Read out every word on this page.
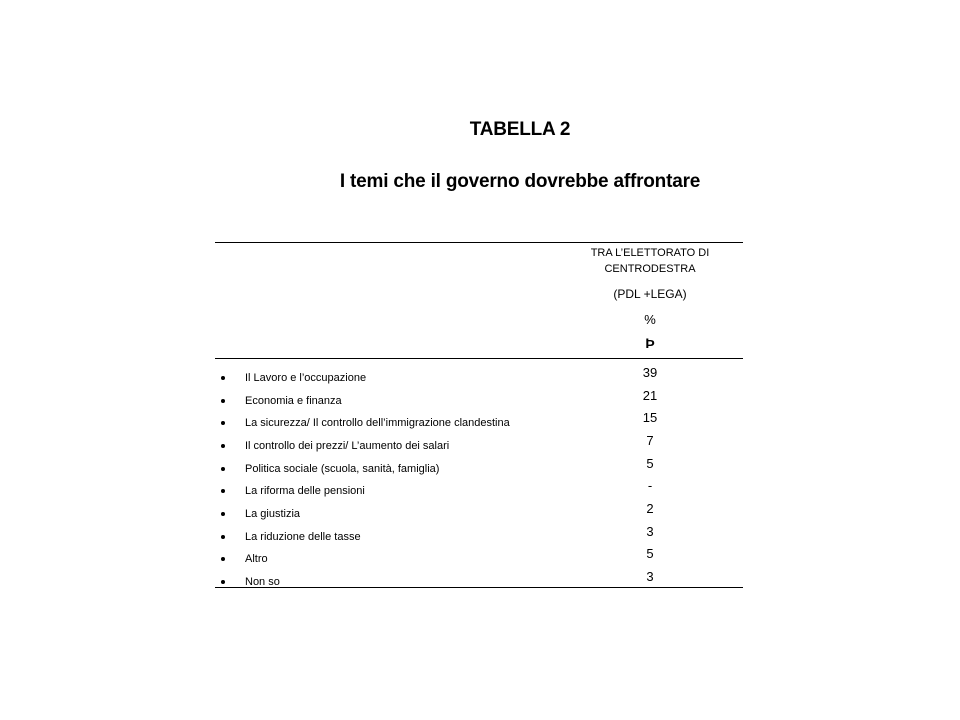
TABELLA 2
I temi che il governo dovrebbe affrontare
TRA L’ELETTORATO DI
CENTRODESTRA
(PDL +LEGA)
%
Þ
Il Lavoro e l’occupazione	39
Economia e finanza	21
La sicurezza/ Il controllo dell’immigrazione clandestina	15
Il controllo dei prezzi/ L’aumento dei salari	7
Politica sociale (scuola, sanità, famiglia)	5
La riforma delle pensioni	-
La giustizia	2
La riduzione delle tasse	3
Altro	5
Non so	3
